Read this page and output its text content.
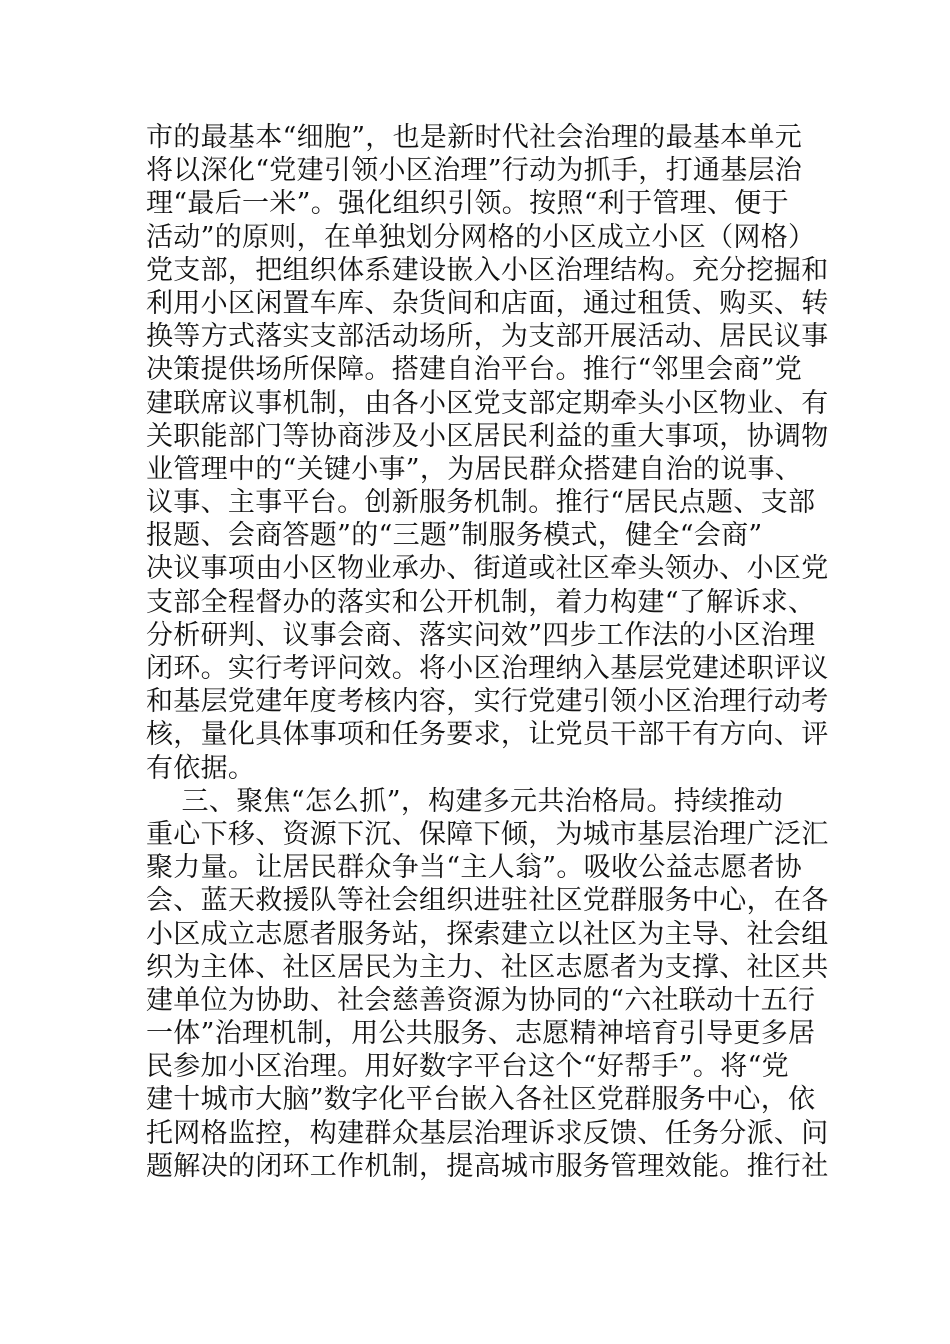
市的最基本“细胞”，也是新时代社会治理的最基本单元
将以深化“党建引领小区治理”行动为抓手，打通基层治
理“最后一米”。强化组织引领。按照“利于管理、便于
活动”的原则，在单独划分网格的小区成立小区（网格）
党支部，把组织体系建设嵌入小区治理结构。充分挖掘和
利用小区闲置车库、杂货间和店面，通过租赁、购买、转
换等方式落实支部活动场所，为支部开展活动、居民议事
决策提供场所保障。搭建自治平台。推行“邻里会商”党
建联席议事机制，由各小区党支部定期牵头小区物业、有
关职能部门等协商涉及小区居民利益的重大事项，协调物
业管理中的“关键小事”，为居民群众搭建自治的说事、
议事、主事平台。创新服务机制。推行“居民点题、支部
报题、会商答题”的“三题”制服务模式，健全“会商”
决议事项由小区物业承办、街道或社区牵头领办、小区党
支部全程督办的落实和公开机制，着力构建“了解诉求、
分析研判、议事会商、落实问效”四步工作法的小区治理
闭环。实行考评问效。将小区治理纳入基层党建述职评议
和基层党建年度考核内容，实行党建引领小区治理行动考
核，量化具体事项和任务要求，让党员干部干有方向、评
有依据。
三、聚焦“怎么抓”，构建多元共治格局。持续推动
重心下移、资源下沉、保障下倾，为城市基层治理广泛汇
聚力量。让居民群众争当“主人翁”。吸收公益志愿者协
会、蓝天救援队等社会组织进驻社区党群服务中心，在各
小区成立志愿者服务站，探索建立以社区为主导、社会组
织为主体、社区居民为主力、社区志愿者为支撑、社区共
建单位为协助、社会慈善资源为协同的“六社联动十五行
一体”治理机制，用公共服务、志愿精神培育引导更多居
民参加小区治理。用好数字平台这个“好帮手”。将“党
建十城市大脑”数字化平台嵌入各社区党群服务中心，依
托网格监控，构建群众基层治理诉求反馈、任务分派、问
题解决的闭环工作机制，提高城市服务管理效能。推行社
